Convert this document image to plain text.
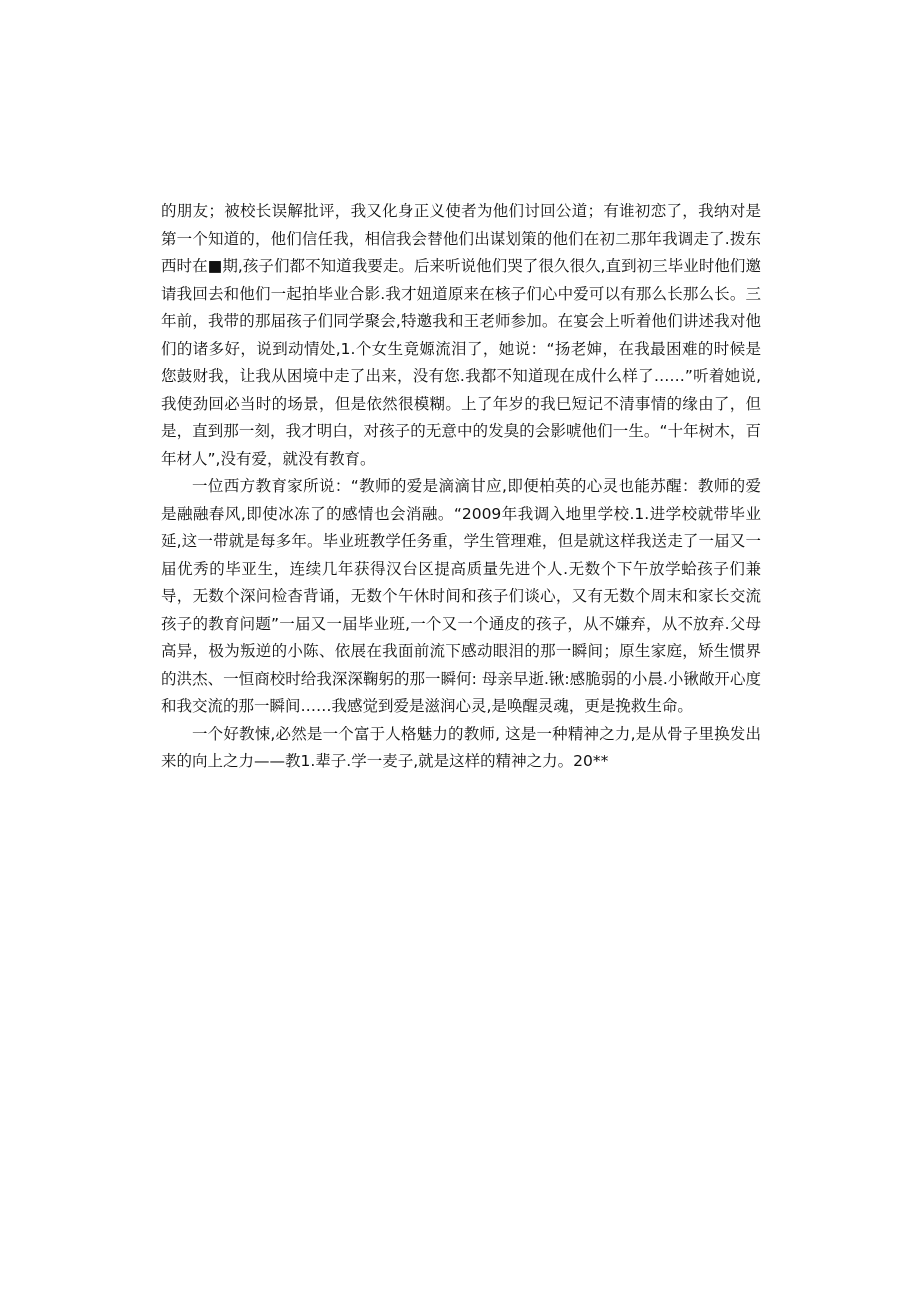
的朋友；被校长误解批评，我又化身正义使者为他们讨回公道；有谁初恋了，我纳对是第一个知道的，他们信任我，相信我会替他们出谋划策的他们在初二那年我调走了.拨东西时在■期,孩子们都不知道我要走。后来听说他们哭了很久很久,直到初三毕业时他们邀请我回去和他们一起拍毕业合影.我才妞道原来在核子们心中爱可以有那么长那么长。三年前，我带的那届孩子们同学聚会,特邀我和王老师参加。在宴会上听着他们讲述我对他们的诸多好，说到动情处,1.个女生竟嫄流泪了，她说：“扬老婶，在我最困难的时候是您鼓财我，让我从困境中走了出来，没有您.我都不知道现在成什么样了……”听着她说,我使劲回必当时的场景，但是依然很模糊。上了年岁的我巳短记不清事情的缘由了，但是，直到那一刻，我才明白，对孩子的无意中的发臭的会影唬他们一生。“十年树木，百年材人”,没有爱，就没有教育。

一位西方教育家所说：“教师的爱是滴滴甘应,即便柏英的心灵也能苏醒：教师的爱是融融春风,即使冰冻了的感情也会消融。“2009年我调入地里学校.1.进学校就带毕业延,这一带就是每多年。毕业班教学任务重，学生管理难，但是就这样我送走了一届又一届优秀的毕亚生，连续几年获得汉台区提高质量先进个人.无数个下午放学蛤孩子们兼导，无数个深问检杳背诵，无数个午休时间和孩子们谈心，又有无数个周末和家长交流孩子的教育问题”一届又一届毕业班,一个又一个通皮的孩子，从不嫌弃，从不放弃.父母高异，极为叛逆的小陈、依展在我面前流下感动眼泪的那一瞬间；原生家庭，矫生惯界的洪杰、一恒商校时给我深深鞠躬的那一瞬何: 母亲早逝.锹:感脆弱的小晨.小锹敞开心度和我交流的那一瞬间……我感觉到爱是滋润心灵,是唤醒灵魂，更是挽救生命。

一个好教悚,必然是一个富于人格魅力的教师, 这是一种精神之力,是从骨子里换发出来的向上之力——教1.辈子.学一麦子,就是这样的精神之力。20**
